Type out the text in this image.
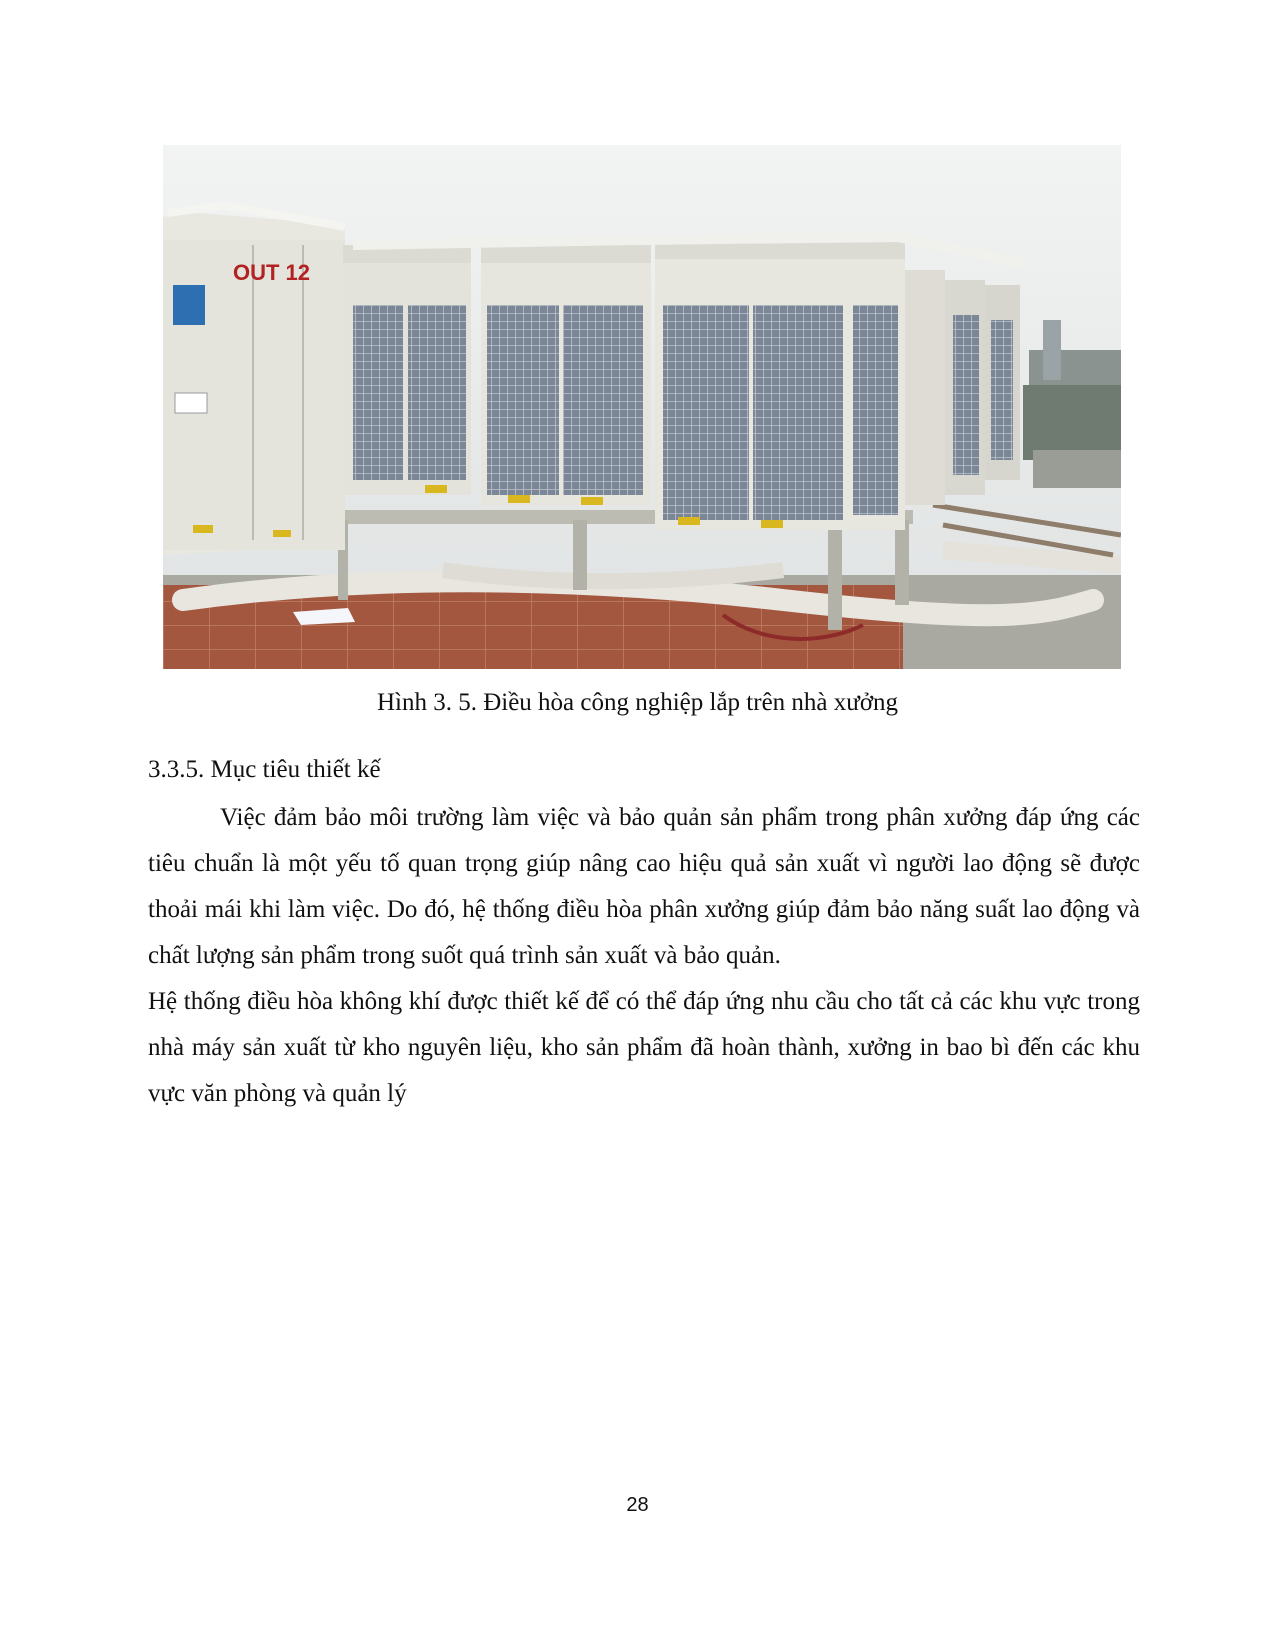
OUT 12
Hình 3. 5. Điều hòa công nghiệp lắp trên nhà xưởng
3.3.5. Mục tiêu thiết kế

Việc đảm bảo môi trường làm việc và bảo quản sản phẩm trong phân xưởng đáp ứng các tiêu chuẩn là một yếu tố quan trọng giúp nâng cao hiệu quả sản xuất vì người lao động sẽ được thoải mái khi làm việc. Do đó, hệ thống điều hòa phân xưởng giúp đảm bảo năng suất lao động và chất lượng sản phẩm trong suốt quá trình sản xuất và bảo quản.

Hệ thống điều hòa không khí được thiết kế để có thể đáp ứng nhu cầu cho tất cả các khu vực trong nhà máy sản xuất từ kho nguyên liệu, kho sản phẩm đã hoàn thành, xưởng in bao bì đến các khu vực văn phòng và quản lý

28
